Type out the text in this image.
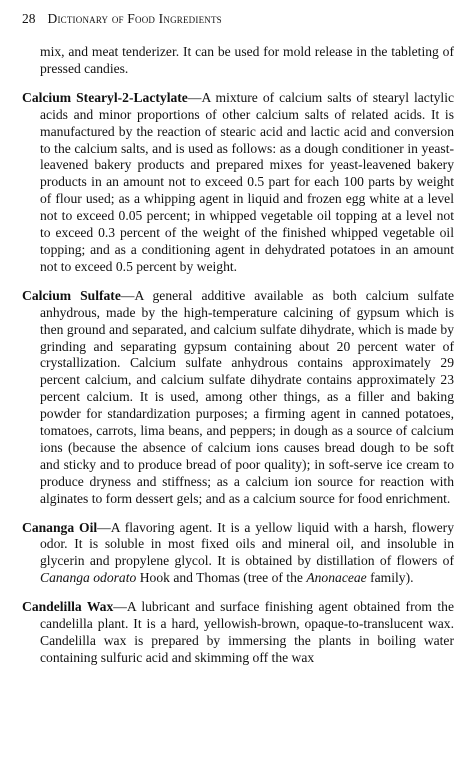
28 Dictionary of Food Ingredients

mix, and meat tenderizer. It can be used for mold release in the tableting of pressed candies.

Calcium Stearyl-2-Lactylate—A mixture of calcium salts of stearyl lactylic acids and minor proportions of other calcium salts of related acids. It is manufactured by the reaction of stearic acid and lactic acid and conversion to the calcium salts, and is used as follows: as a dough conditioner in yeast-leavened bakery products and prepared mixes for yeast-leavened bakery products in an amount not to exceed 0.5 part for each 100 parts by weight of flour used; as a whipping agent in liquid and frozen egg white at a level not to exceed 0.05 percent; in whipped vegetable oil topping at a level not to exceed 0.3 percent of the weight of the finished whipped vegetable oil topping; and as a conditioning agent in dehydrated potatoes in an amount not to exceed 0.5 percent by weight.

Calcium Sulfate—A general additive available as both calcium sulfate anhydrous, made by the high-temperature calcining of gypsum which is then ground and separated, and calcium sulfate dihydrate, which is made by grinding and separating gypsum containing about 20 percent water of crystallization. Calcium sulfate anhydrous contains approximately 29 percent calcium, and calcium sulfate dihydrate contains approximately 23 percent calcium. It is used, among other things, as a filler and baking powder for standardization purposes; a firming agent in canned potatoes, tomatoes, carrots, lima beans, and peppers; in dough as a source of calcium ions (because the absence of calcium ions causes bread dough to be soft and sticky and to produce bread of poor quality); in soft-serve ice cream to produce dryness and stiffness; as a calcium ion source for reaction with alginates to form dessert gels; and as a calcium source for food enrichment.

Cananga Oil—A flavoring agent. It is a yellow liquid with a harsh, flowery odor. It is soluble in most fixed oils and mineral oil, and insoluble in glycerin and propylene glycol. It is obtained by distillation of flowers of Cananga odorato Hook and Thomas (tree of the Anonaceae family).

Candelilla Wax—A lubricant and surface finishing agent obtained from the candelilla plant. It is a hard, yellowish-brown, opaque-to-translucent wax. Candelilla wax is prepared by immersing the plants in boiling water containing sulfuric acid and skimming off the wax
